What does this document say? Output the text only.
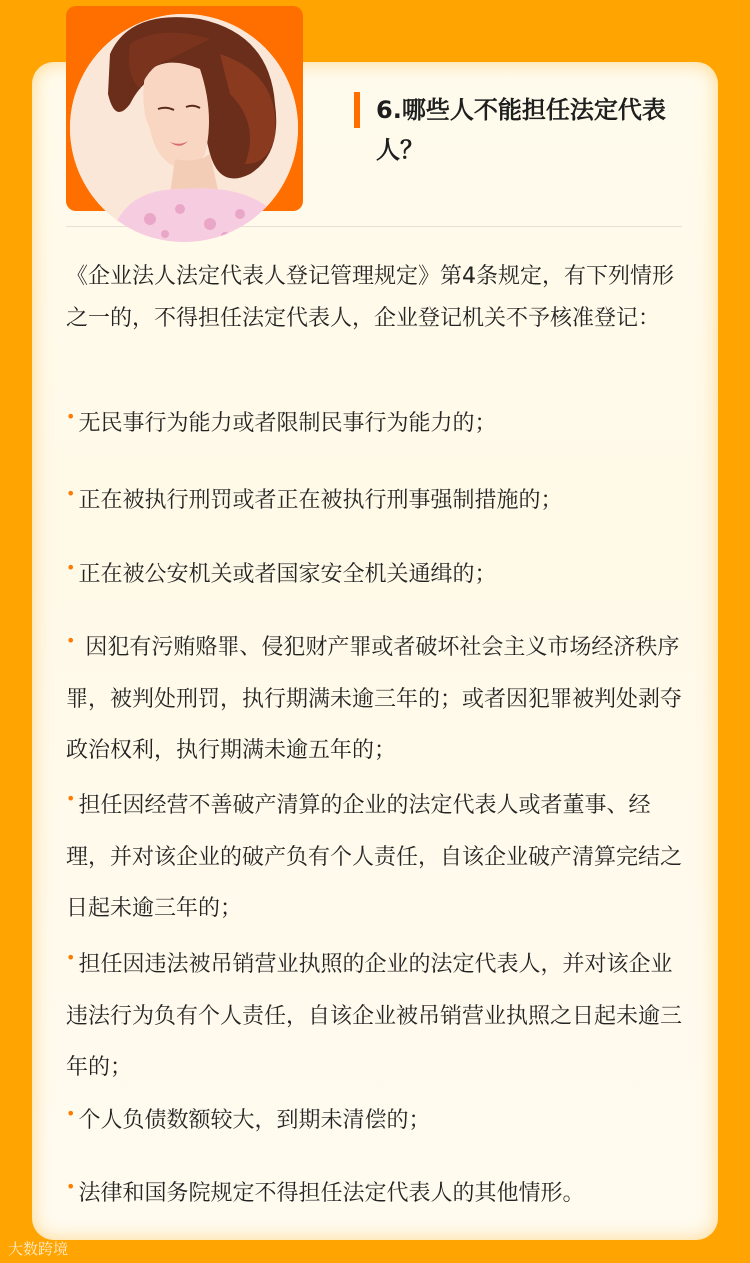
6.哪些人不能担任法定代表人？

《企业法人法定代表人登记管理规定》第4条规定，有下列情形之一的，不得担任法定代表人，企业登记机关不予核准登记：

• 无民事行为能力或者限制民事行为能力的；

• 正在被执行刑罚或者正在被执行刑事强制措施的；

• 正在被公安机关或者国家安全机关通缉的；

• 因犯有污贿赂罪、侵犯财产罪或者破坏社会主义市场经济秩序罪，被判处刑罚，执行期满未逾三年的；或者因犯罪被判处剥夺政治权利，执行期满未逾五年的；

• 担任因经营不善破产清算的企业的法定代表人或者董事、经理，并对该企业的破产负有个人责任，自该企业破产清算完结之日起未逾三年的；

• 担任因违法被吊销营业执照的企业的法定代表人，并对该企业违法行为负有个人责任，自该企业被吊销营业执照之日起未逾三年的；

• 个人负债数额较大，到期未清偿的；

• 法律和国务院规定不得担任法定代表人的其他情形。

大数跨境
